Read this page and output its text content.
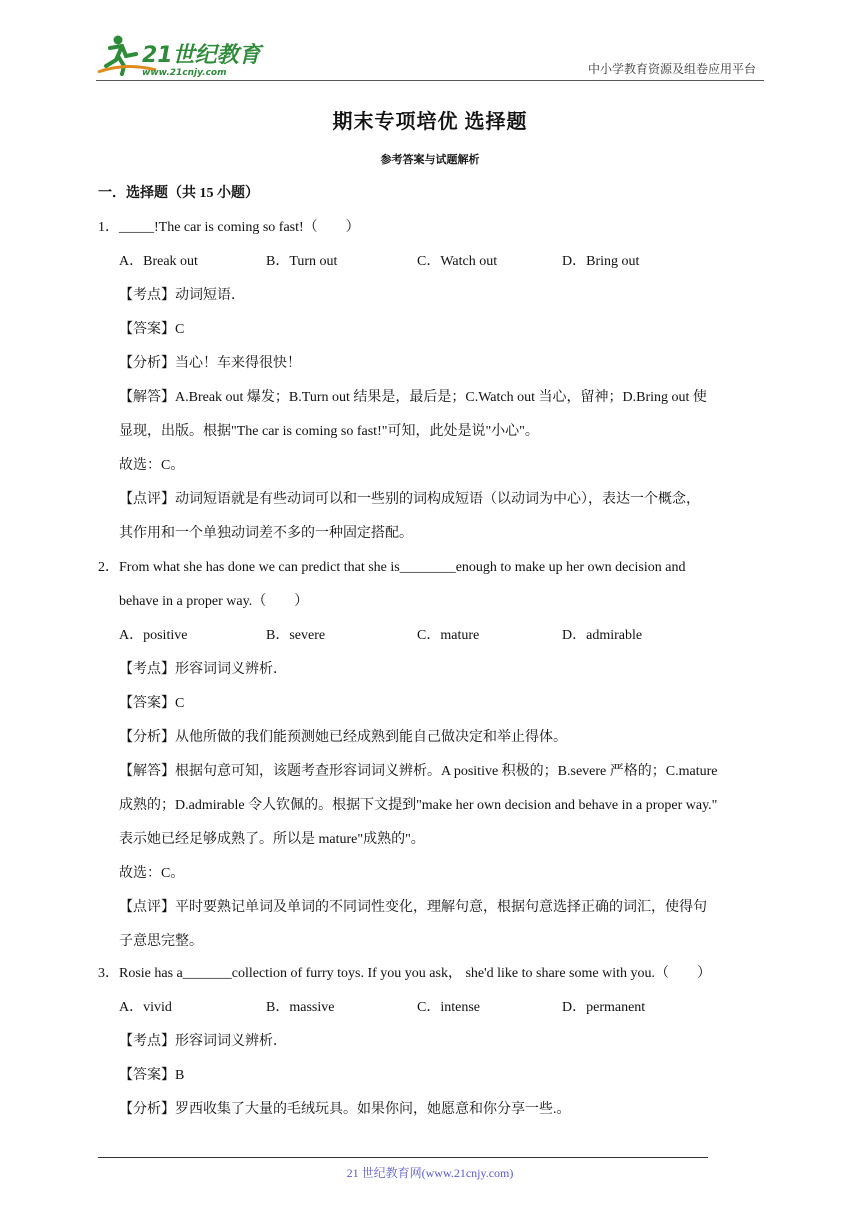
21世纪教育
www.21cnjy.com	中小学教育资源及组卷应用平台
期末专项培优 选择题
参考答案与试题解析
一．选择题（共 15 小题）
1．_____!The car is coming so fast!（　　）
A．Break out	B．Turn out	C．Watch out	D．Bring out
【考点】动词短语．
【答案】C
【分析】当心！车来得很快！
【解答】A.Break out 爆发；B.Turn out 结果是，最后是；C.Watch out 当心，留神；D.Bring out 使
显现，出版。根据"The car is coming so fast!"可知，此处是说"小心"。
故选：C。
【点评】动词短语就是有些动词可以和一些别的词构成短语（以动词为中心），表达一个概念，
其作用和一个单独动词差不多的一种固定搭配。
2．From what she has done we can predict that she is________enough to make up her own decision and
behave in a proper way.（　　）
A．positive	B．severe	C．mature	D．admirable
【考点】形容词词义辨析．
【答案】C
【分析】从他所做的我们能预测她已经成熟到能自己做决定和举止得体。
【解答】根据句意可知，该题考查形容词词义辨析。A positive 积极的；B.severe 严格的；C.mature
成熟的；D.admirable 令人钦佩的。根据下文提到"make her own decision and behave in a proper way."
表示她已经足够成熟了。所以是 mature"成熟的"。
故选：C。
【点评】平时要熟记单词及单词的不同词性变化，理解句意，根据句意选择正确的词汇，使得句
子意思完整。
3．Rosie has a_______collection of furry toys. If you you ask， she'd like to share some with you.（　　）
A．vivid	B．massive	C．intense	D．permanent
【考点】形容词词义辨析．
【答案】B
【分析】罗西收集了大量的毛绒玩具。如果你问，她愿意和你分享一些.。
21 世纪教育网(www.21cnjy.com)
